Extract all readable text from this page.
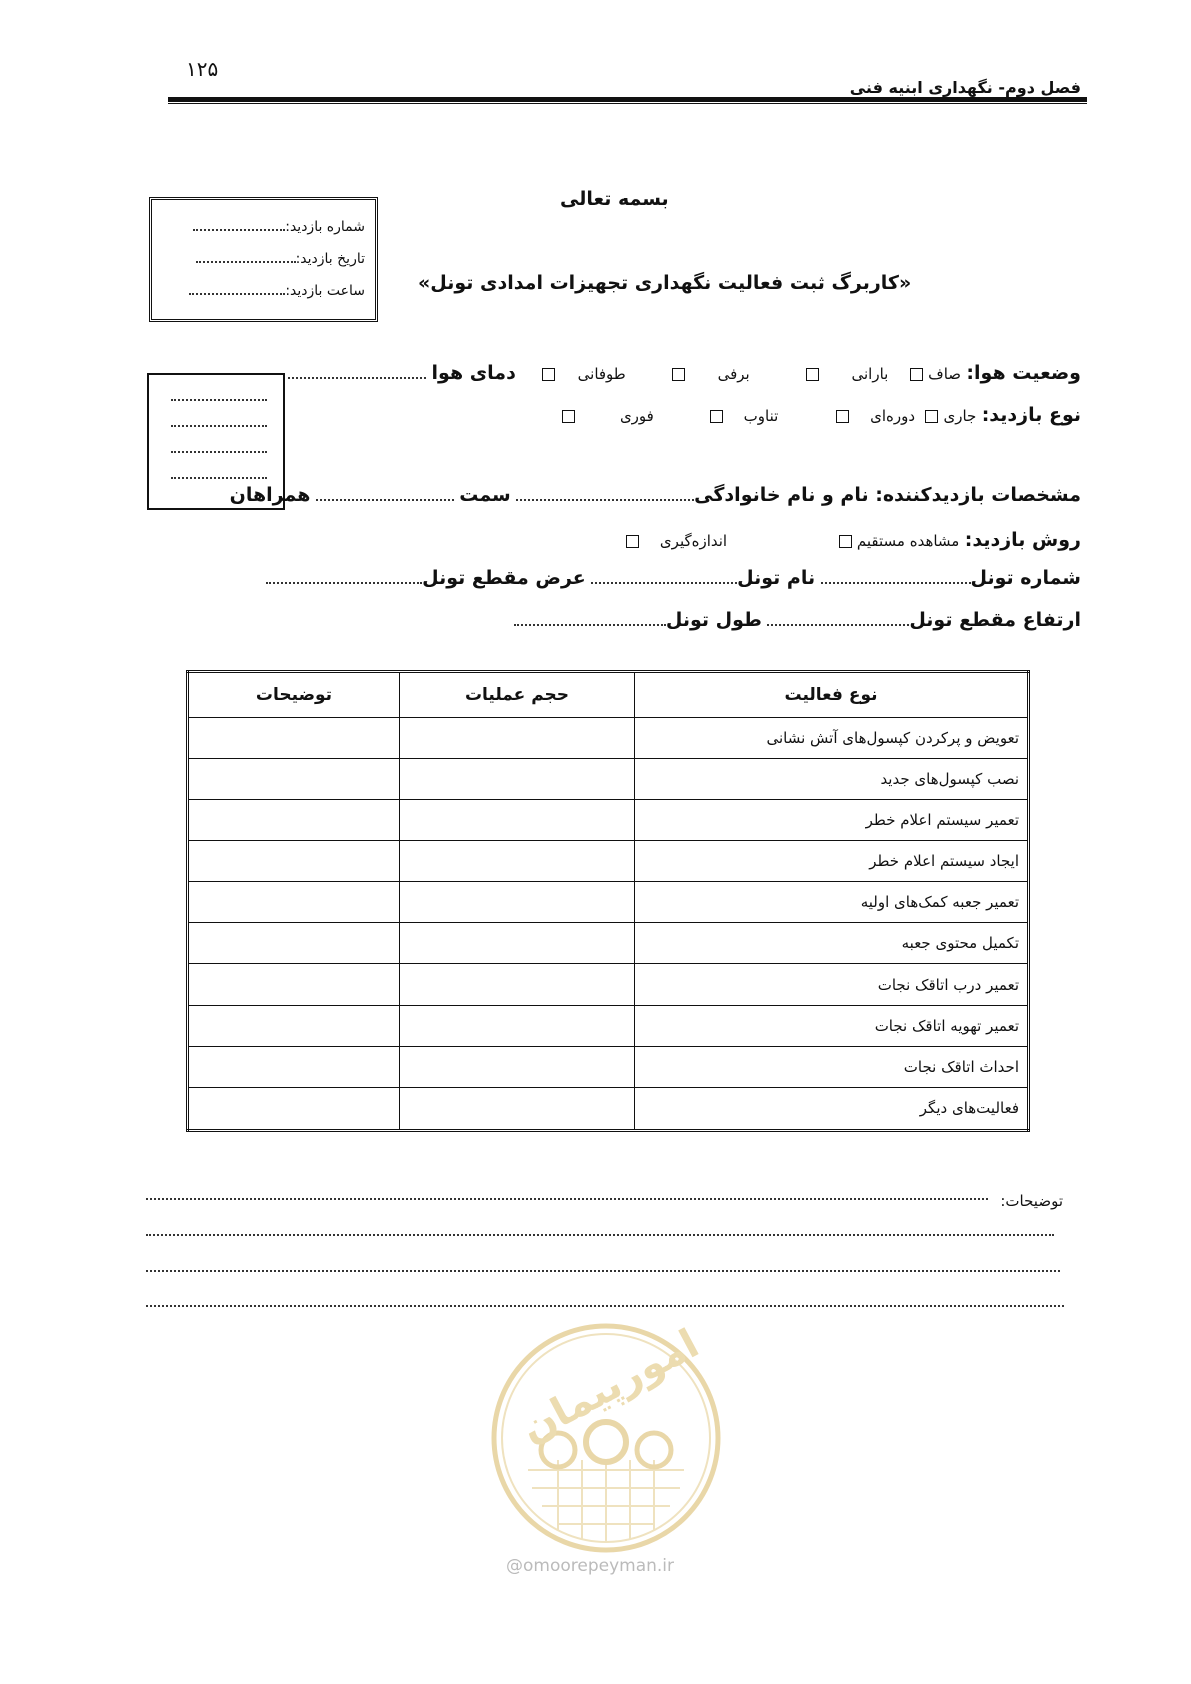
۱۲۵
فصل دوم- نگهداری ابنیه فنی
شماره بازدید:
تاریخ بازدید:
ساعت بازدید:
بسمه تعالی
«کاربرگ ثبت فعالیت نگهداری تجهیزات امدادی تونل»
وضعیت هوا: صاف  بارانی  برفی  طوفانی  دمای هوا
نوع بازدید: جاری دوره‌ای  تناوب  فوری
مشخصات بازدیدکننده: نام و نام خانوادگی سمت  همراهان
روش بازدید: مشاهده مستقیم  اندازه‌گیری
شماره تونل نام تونل عرض مقطع تونل
ارتفاع مقطع تونل طول تونل
نوع فعالیت	حجم عملیات	توضیحات
تعویض و پرکردن کپسول‌های آتش نشانی		
نصب کپسول‌های جدید		
تعمیر سیستم اعلام خطر		
ایجاد سیستم اعلام خطر		
تعمیر جعبه کمک‌های اولیه		
تکمیل محتوی جعبه		
تعمیر درب اتاقک نجات		
تعمیر تهویه اتاقک نجات		
احداث اتاقک نجات		
فعالیت‌های دیگر		
توضیحات:
امورپیمان
@omoorepeyman.ir
